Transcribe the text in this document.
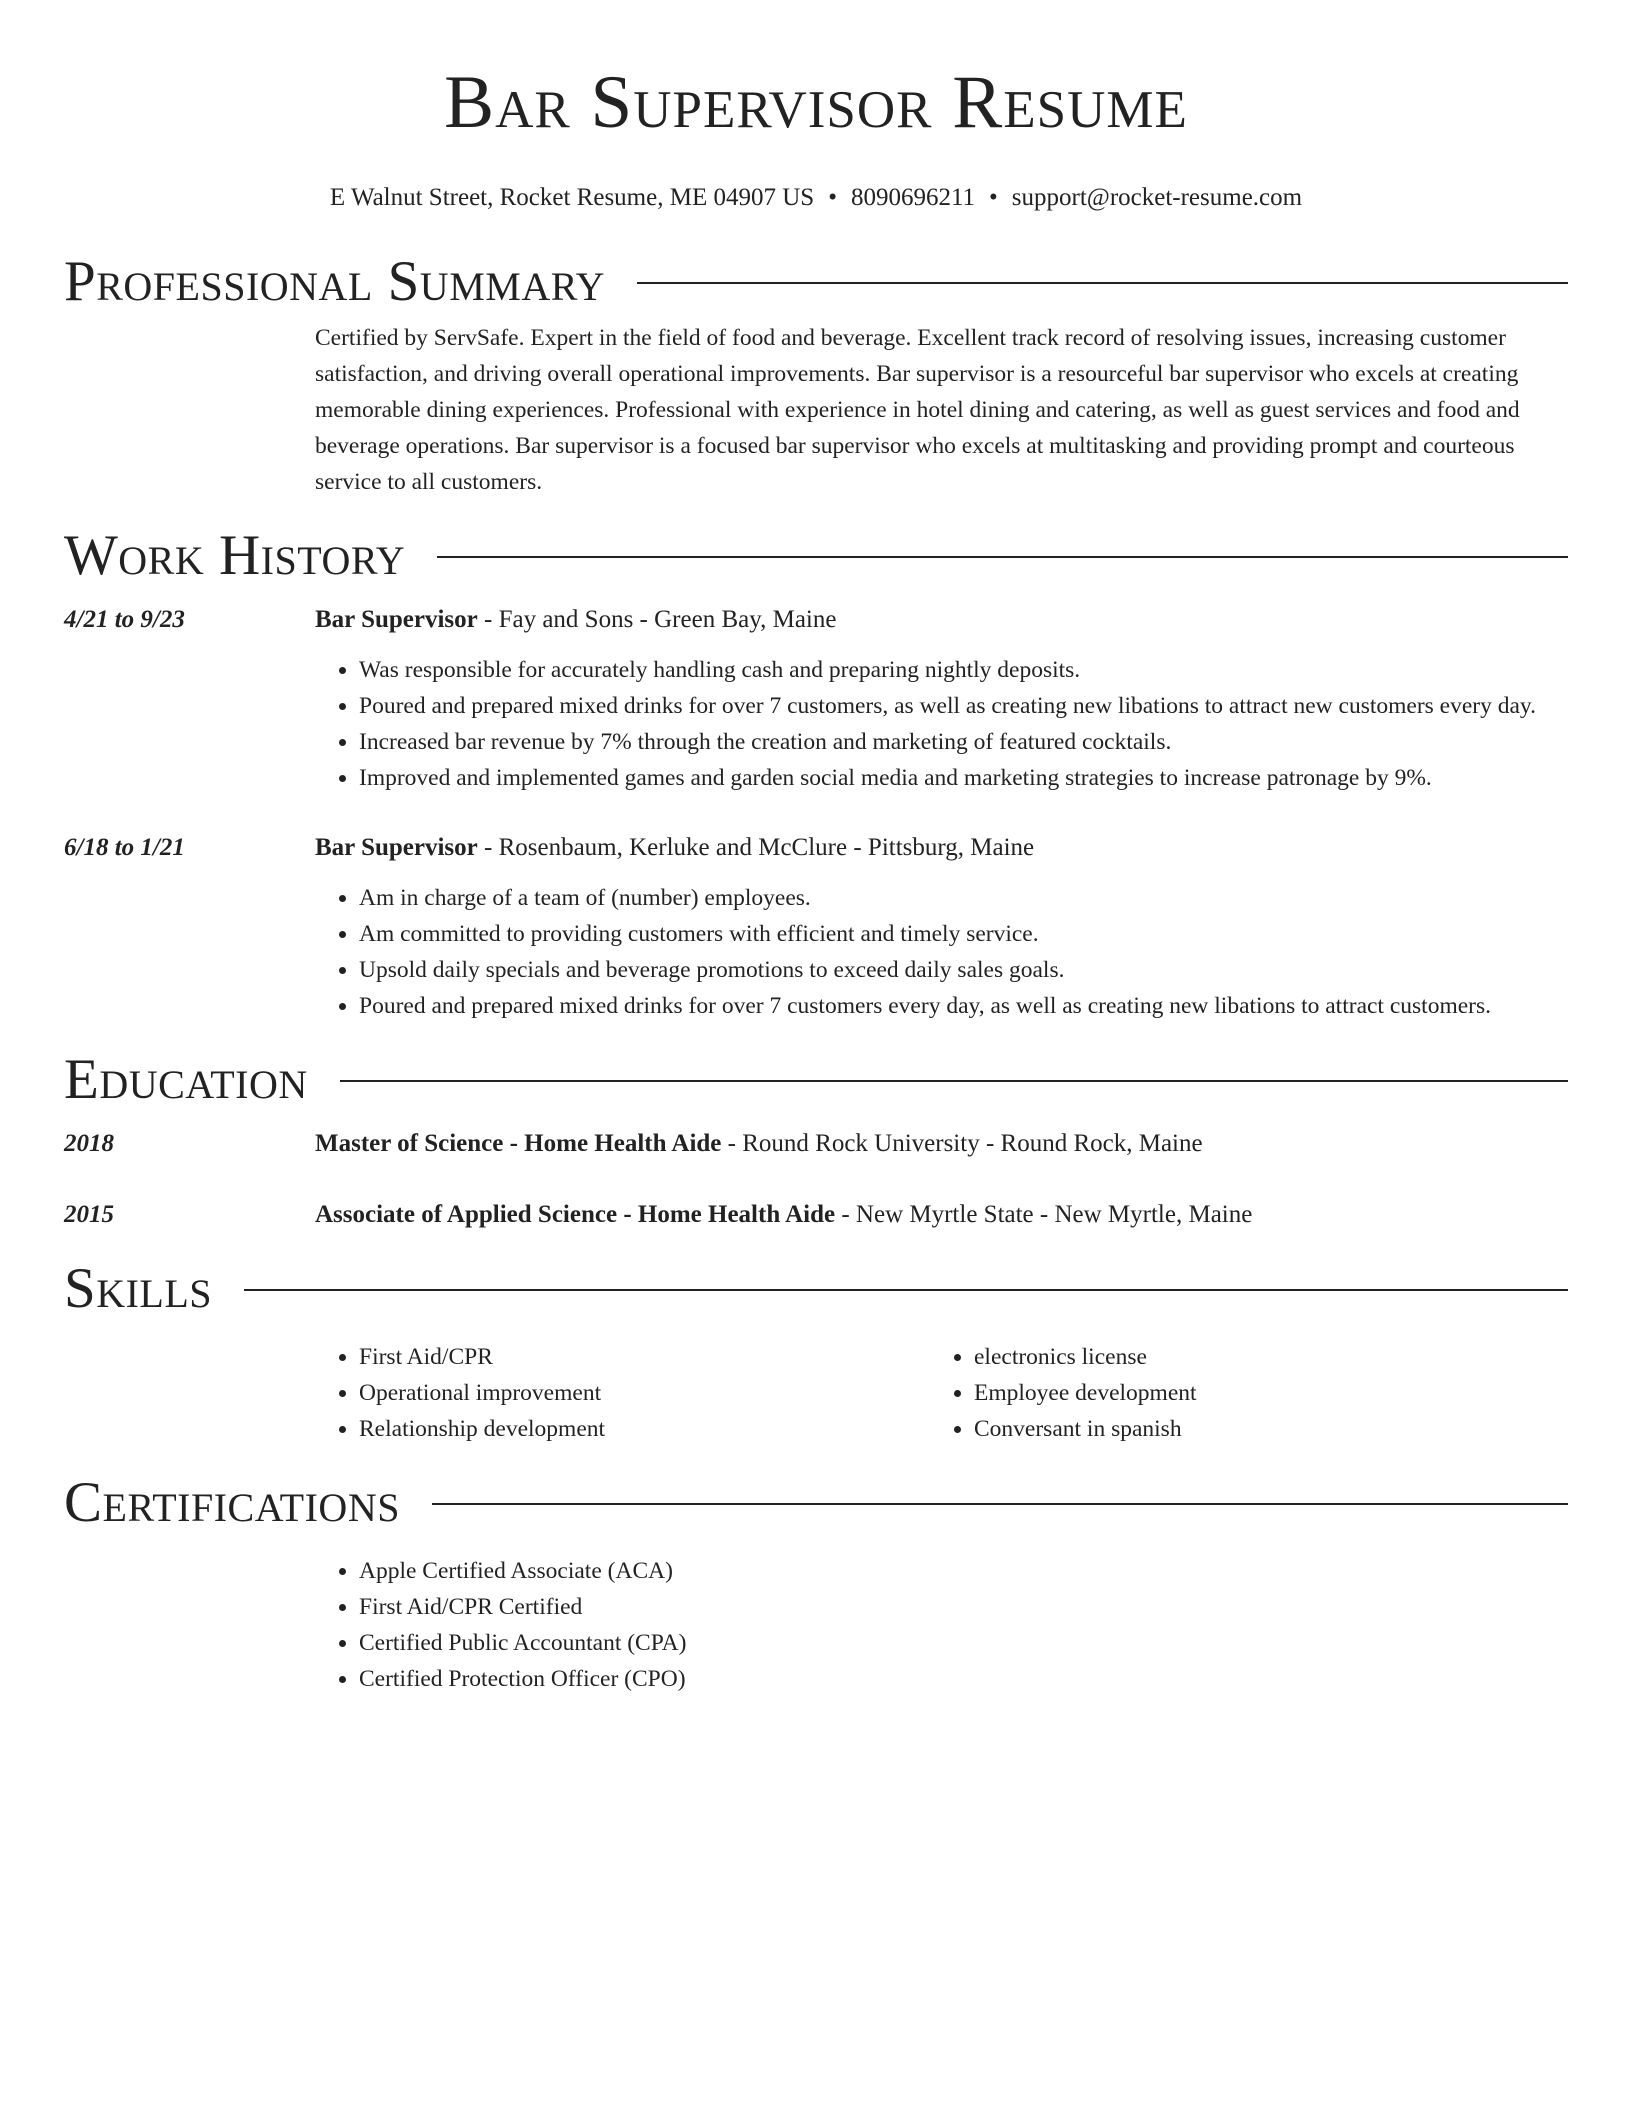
Bar Supervisor Resume
E Walnut Street, Rocket Resume, ME 04907 US • 8090696211 • support@rocket-resume.com
Professional Summary
Certified by ServSafe. Expert in the field of food and beverage. Excellent track record of resolving issues, increasing customer satisfaction, and driving overall operational improvements. Bar supervisor is a resourceful bar supervisor who excels at creating memorable dining experiences. Professional with experience in hotel dining and catering, as well as guest services and food and beverage operations. Bar supervisor is a focused bar supervisor who excels at multitasking and providing prompt and courteous service to all customers.
Work History
4/21 to 9/23	Bar Supervisor - Fay and Sons - Green Bay, Maine
• Was responsible for accurately handling cash and preparing nightly deposits.
• Poured and prepared mixed drinks for over 7 customers, as well as creating new libations to attract new customers every day.
• Increased bar revenue by 7% through the creation and marketing of featured cocktails.
• Improved and implemented games and garden social media and marketing strategies to increase patronage by 9%.
6/18 to 1/21	Bar Supervisor - Rosenbaum, Kerluke and McClure - Pittsburg, Maine
• Am in charge of a team of (number) employees.
• Am committed to providing customers with efficient and timely service.
• Upsold daily specials and beverage promotions to exceed daily sales goals.
• Poured and prepared mixed drinks for over 7 customers every day, as well as creating new libations to attract customers.
Education
2018	Master of Science - Home Health Aide - Round Rock University - Round Rock, Maine
2015	Associate of Applied Science - Home Health Aide - New Myrtle State - New Myrtle, Maine
Skills
• First Aid/CPR
• Operational improvement
• Relationship development
• electronics license
• Employee development
• Conversant in spanish
Certifications
• Apple Certified Associate (ACA)
• First Aid/CPR Certified
• Certified Public Accountant (CPA)
• Certified Protection Officer (CPO)
